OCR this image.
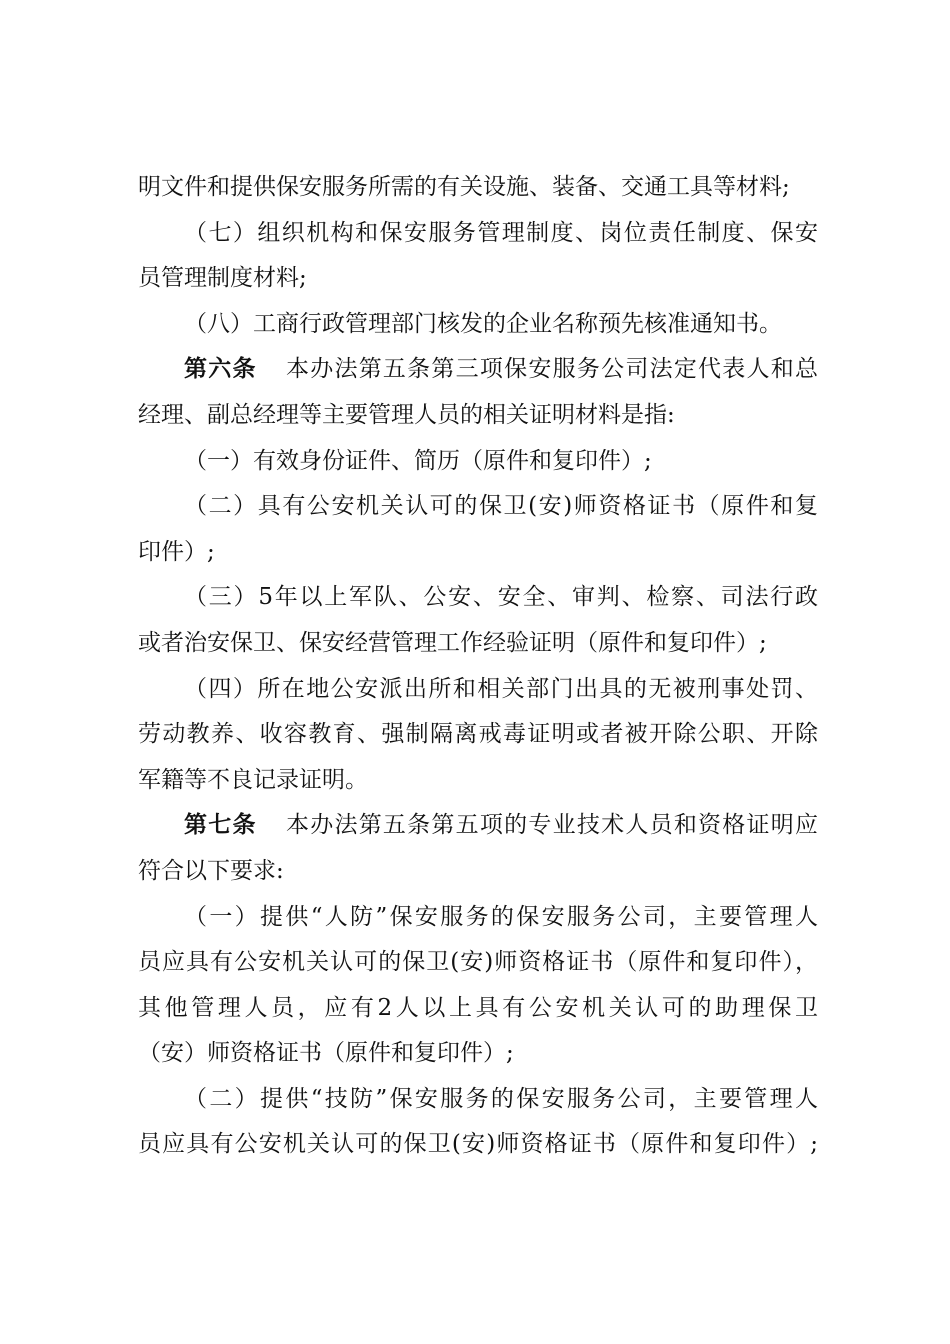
明文件和提供保安服务所需的有关设施、装备、交通工具等材料;
（七）组织机构和保安服务管理制度、岗位责任制度、保安
员管理制度材料;
（八）工商行政管理部门核发的企业名称预先核准通知书。
第六条 本办法第五条第三项保安服务公司法定代表人和总
经理、副总经理等主要管理人员的相关证明材料是指:
（一）有效身份证件、简历（原件和复印件）;
（二）具有公安机关认可的保卫(安)师资格证书（原件和复
印件）;
（三）5年以上军队、公安、安全、审判、检察、司法行政
或者治安保卫、保安经营管理工作经验证明（原件和复印件）;
（四）所在地公安派出所和相关部门出具的无被刑事处罚、
劳动教养、收容教育、强制隔离戒毒证明或者被开除公职、开除
军籍等不良记录证明。
第七条 本办法第五条第五项的专业技术人员和资格证明应
符合以下要求:
（一）提供“人防”保安服务的保安服务公司，主要管理人
员应具有公安机关认可的保卫(安)师资格证书（原件和复印件），
其他管理人员，应有2人以上具有公安机关认可的助理保卫
（安）师资格证书（原件和复印件）;
（二）提供“技防”保安服务的保安服务公司，主要管理人
员应具有公安机关认可的保卫(安)师资格证书（原件和复印件）;
